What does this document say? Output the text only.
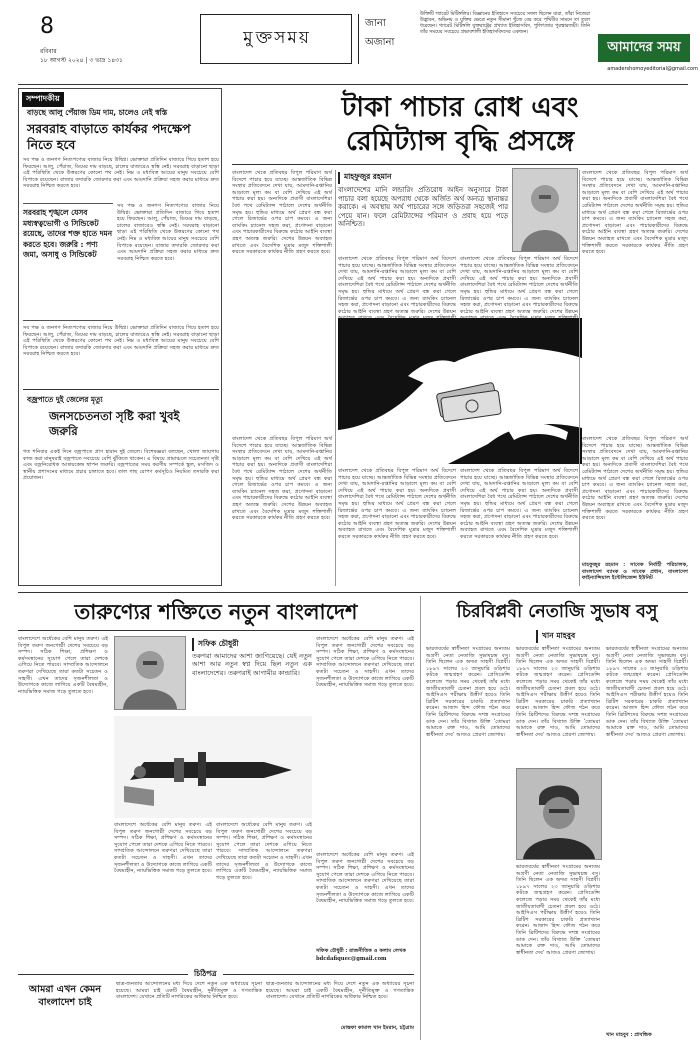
8
রবিবার
১৮ আগস্ট ২০২৪ | ৩ ভাদ্র ১৪৩১
মু ক্ত স ম য়
জানা
অজানা
উক্তিটি গ্যারেট মিটিঙ্গলির। বিজ্ঞানের ইতিহাসে সবচেয়ে সফল ছিলেন যারা, তাঁরা নিজেরা উদ্ভাবন, অভিনয় ও যুক্তির ক্ষেত্রে নতুন সীমানা খুঁজে বের করে পৃথিবীর সামনে তা তুলে ধরেছেন। গ্যারেট মিটিঙ্গলি যুক্তরাষ্ট্রের প্রখ্যাত ইতিহাসবিদ, পুলিৎজার পুরস্কারজয়ী। তিনি তাঁর সময়ের সবচেয়ে প্রভাবশালী ইতিহাসবিদদের একজন।
আমাদের সময়
amadershomoyeditorial@gmail.com
সম্পাদকীয়
বাড়ছে আলু পেঁয়াজ ডিম দাম, চালেও নেই স্বস্তি
সরবরাহ বাড়াতে কার্যকর পদক্ষেপ নিতে হবে
সব পক্ষ ও জনগণ নিত্যপণ্যের বাজার নিয়ে উদ্বিগ্ন। ভোক্তারা প্রতিদিন বাজারে গিয়ে হতাশ হয়ে ফিরছেন। আলু, পেঁয়াজ, ডিমের দাম বাড়ছে, চালের বাজারেও স্বস্তি নেই। সরবরাহ বাড়ানো ছাড়া এই পরিস্থিতি থেকে উত্তরণের কোনো পথ নেই। নিম্ন ও মধ্যবিত্ত আয়ের মানুষ সবচেয়ে বেশি বিপাকে রয়েছেন। বাজার তদারকি জোরদার করা এবং আমদানি প্রক্রিয়া সহজ করার মাধ্যমে দ্রুত সরবরাহ নিশ্চিত করতে হবে।
সরবরাহ শৃঙ্খলে যেসব মধ্যস্বত্বভোগী ও সিন্ডিকেট রয়েছে, তাদের শক্ত হাতে দমন করতে হবে। জরুরি : পণ্য জমা, অসাধু ও সিন্ডিকেট
সব পক্ষ ও জনগণ নিত্যপণ্যের বাজার নিয়ে উদ্বিগ্ন। ভোক্তারা প্রতিদিন বাজারে গিয়ে হতাশ হয়ে ফিরছেন। আলু, পেঁয়াজ, ডিমের দাম বাড়ছে, চালের বাজারেও স্বস্তি নেই। সরবরাহ বাড়ানো ছাড়া এই পরিস্থিতি থেকে উত্তরণের কোনো পথ নেই। নিম্ন ও মধ্যবিত্ত আয়ের মানুষ সবচেয়ে বেশি বিপাকে রয়েছেন। বাজার তদারকি জোরদার করা এবং আমদানি প্রক্রিয়া সহজ করার মাধ্যমে দ্রুত সরবরাহ নিশ্চিত করতে হবে।
সব পক্ষ ও জনগণ নিত্যপণ্যের বাজার নিয়ে উদ্বিগ্ন। ভোক্তারা প্রতিদিন বাজারে গিয়ে হতাশ হয়ে ফিরছেন। আলু, পেঁয়াজ, ডিমের দাম বাড়ছে, চালের বাজারেও স্বস্তি নেই। সরবরাহ বাড়ানো ছাড়া এই পরিস্থিতি থেকে উত্তরণের কোনো পথ নেই। নিম্ন ও মধ্যবিত্ত আয়ের মানুষ সবচেয়ে বেশি বিপাকে রয়েছেন। বাজার তদারকি জোরদার করা এবং আমদানি প্রক্রিয়া সহজ করার মাধ্যমে দ্রুত সরবরাহ নিশ্চিত করতে হবে।
বজ্রপাতে দুই জেলের মৃত্যু
জনসচেতনতা সৃষ্টি করা খুবই জরুরি
গত শনিবার একই দিনে বজ্রপাতে প্রাণ হারান দুই জেলে। বিশেষজ্ঞরা বলছেন, খোলা জায়গায় কাজ করা মানুষরাই বজ্রপাতে সবচেয়ে বেশি ঝুঁকিতে থাকেন। এ বিষয়ে গ্রামাঞ্চলে সচেতনতা সৃষ্টি এবং বজ্রনিরোধক আশ্রয়কেন্দ্র স্থাপন জরুরি। বজ্রপাতের সময় করণীয় সম্পর্কে স্কুল, মসজিদ ও স্থানীয় প্রশাসনের মাধ্যমে প্রচার চালাতে হবে। তাল গাছ রোপণ কর্মসূচিও নিয়মিত তদারকি করা প্রয়োজন।
টাকা পাচার রোধ এবং
রেমিট্যান্স বৃদ্ধি প্রসঙ্গে
বাংলাদেশ থেকে প্রতিবছর বিপুল পরিমাণ অর্থ বিদেশে পাচার হয়ে যাচ্ছে। আন্তর্জাতিক বিভিন্ন সংস্থার প্রতিবেদনে দেখা যায়, আমদানি-রপ্তানির আড়ালে মূল্য কম বা বেশি দেখিয়ে এই অর্থ পাচার করা হয়। অন্যদিকে প্রবাসী বাংলাদেশিরা বৈধ পথে রেমিট্যান্স পাঠালে দেশের অর্থনীতি সমৃদ্ধ হয়। হুন্ডির মাধ্যমে অর্থ প্রেরণ বন্ধ করা গেলে রিজার্ভের ওপর চাপ কমবে। এ জন্য ব্যাংকিং চ্যানেল সহজ করা, প্রণোদনা বাড়ানো এবং পাচারকারীদের বিরুদ্ধে কঠোর আইনি ব্যবস্থা গ্রহণ অত্যন্ত জরুরি। দেশের উন্নয়ন অব্যাহত রাখতে এবং বৈদেশিক মুদ্রার মজুদ শক্তিশালী করতে সরকারকে কার্যকর নীতি গ্রহণ করতে হবে।
মাহফুজুর রহমান
বাংলাদেশের মানি লন্ডারিং প্রতিরোধ আইন অনুসারে টাকা পাচার বলা হয়েছে অপরাধ থেকে অর্জিত অর্থ অন্যত্র স্থানান্তর করাকে। এ অবস্থায় অর্থ পাচারের সঙ্গে জড়িতরা সহজেই পার পেয়ে যান। ফলে রেমিট্যান্সের পরিমাণ ও প্রবাহ হয়ে পড়ে অনিশ্চিত।
বাংলাদেশ থেকে প্রতিবছর বিপুল পরিমাণ অর্থ বিদেশে পাচার হয়ে যাচ্ছে। আন্তর্জাতিক বিভিন্ন সংস্থার প্রতিবেদনে দেখা যায়, আমদানি-রপ্তানির আড়ালে মূল্য কম বা বেশি দেখিয়ে এই অর্থ পাচার করা হয়। অন্যদিকে প্রবাসী বাংলাদেশিরা বৈধ পথে রেমিট্যান্স পাঠালে দেশের অর্থনীতি সমৃদ্ধ হয়। হুন্ডির মাধ্যমে অর্থ প্রেরণ বন্ধ করা গেলে রিজার্ভের ওপর চাপ কমবে। এ জন্য ব্যাংকিং চ্যানেল সহজ করা, প্রণোদনা বাড়ানো এবং পাচারকারীদের বিরুদ্ধে কঠোর আইনি ব্যবস্থা গ্রহণ অত্যন্ত জরুরি। দেশের উন্নয়ন অব্যাহত রাখতে এবং বৈদেশিক মুদ্রার মজুদ শক্তিশালী করতে সরকারকে কার্যকর নীতি গ্রহণ করতে হবে।
বাংলাদেশ থেকে প্রতিবছর বিপুল পরিমাণ অর্থ বিদেশে পাচার হয়ে যাচ্ছে। আন্তর্জাতিক বিভিন্ন সংস্থার প্রতিবেদনে দেখা যায়, আমদানি-রপ্তানির আড়ালে মূল্য কম বা বেশি দেখিয়ে এই অর্থ পাচার করা হয়। অন্যদিকে প্রবাসী বাংলাদেশিরা বৈধ পথে রেমিট্যান্স পাঠালে দেশের অর্থনীতি সমৃদ্ধ হয়। হুন্ডির মাধ্যমে অর্থ প্রেরণ বন্ধ করা গেলে রিজার্ভের ওপর চাপ কমবে। এ জন্য ব্যাংকিং চ্যানেল সহজ করা, প্রণোদনা বাড়ানো এবং পাচারকারীদের বিরুদ্ধে কঠোর আইনি ব্যবস্থা গ্রহণ অত্যন্ত জরুরি। দেশের উন্নয়ন
বাংলাদেশ থেকে প্রতিবছর বিপুল পরিমাণ অর্থ বিদেশে পাচার হয়ে যাচ্ছে। আন্তর্জাতিক বিভিন্ন সংস্থার প্রতিবেদনে দেখা যায়, আমদানি-রপ্তানির আড়ালে মূল্য কম বা বেশি দেখিয়ে এই অর্থ পাচার করা হয়। অন্যদিকে প্রবাসী বাংলাদেশিরা বৈধ পথে রেমিট্যান্স পাঠালে দেশের অর্থনীতি সমৃদ্ধ হয়। হুন্ডির মাধ্যমে অর্থ প্রেরণ বন্ধ করা গেলে রিজার্ভের ওপর চাপ কমবে। এ জন্য ব্যাংকিং চ্যানেল সহজ করা, প্রণোদনা বাড়ানো এবং পাচারকারীদের বিরুদ্ধে কঠোর আইনি ব্যবস্থা গ্রহণ অত্যন্ত জরুরি। দেশের উন্নয়ন
বাংলাদেশ থেকে প্রতিবছর বিপুল পরিমাণ অর্থ বিদেশে পাচার হয়ে যাচ্ছে। আন্তর্জাতিক বিভিন্ন সংস্থার প্রতিবেদনে দেখা যায়, আমদানি-রপ্তানির আড়ালে মূল্য কম বা বেশি দেখিয়ে এই অর্থ পাচার করা হয়। অন্যদিকে প্রবাসী বাংলাদেশিরা বৈধ পথে রেমিট্যান্স পাঠালে দেশের অর্থনীতি সমৃদ্ধ হয়। হুন্ডির মাধ্যমে অর্থ প্রেরণ বন্ধ করা গেলে রিজার্ভের ওপর চাপ কমবে। এ জন্য ব্যাংকিং চ্যানেল সহজ করা, প্রণোদনা বাড়ানো এবং পাচারকারীদের বিরুদ্ধে কঠোর আইনি ব্যবস্থা গ্রহণ অত্যন্ত জরুরি। দেশের উন্নয়ন অব্যাহত রাখতে এবং বৈদেশিক মুদ্রার মজুদ শক্তিশালী করতে সরকারকে কার্যকর নীতি গ্রহণ করতে হবে।
বাংলাদেশ থেকে প্রতিবছর বিপুল পরিমাণ অর্থ বিদেশে পাচার হয়ে যাচ্ছে। আন্তর্জাতিক বিভিন্ন সংস্থার প্রতিবেদনে দেখা যায়, আমদানি-রপ্তানির আড়ালে মূল্য কম বা বেশি দেখিয়ে এই অর্থ পাচার করা হয়। অন্যদিকে প্রবাসী বাংলাদেশিরা বৈধ পথে রেমিট্যান্স পাঠালে দেশের অর্থনীতি সমৃদ্ধ হয়। হুন্ডির মাধ্যমে অর্থ প্রেরণ বন্ধ করা গেলে রিজার্ভের ওপর চাপ কমবে। এ জন্য ব্যাংকিং চ্যানেল সহজ করা, প্রণোদনা বাড়ানো এবং পাচারকারীদের বিরুদ্ধে কঠোর আইনি ব্যবস্থা গ্রহণ অত্যন্ত জরুরি। দেশের উন্নয়ন অব্যাহত রাখতে এবং বৈদেশিক মুদ্রার মজুদ শক্তিশালী করতে সরকারকে কার্যকর নীতি গ্রহণ করতে হবে।
বাংলাদেশ থেকে প্রতিবছর বিপুল পরিমাণ অর্থ বিদেশে পাচার হয়ে যাচ্ছে। আন্তর্জাতিক বিভিন্ন সংস্থার প্রতিবেদনে দেখা যায়, আমদানি-রপ্তানির আড়ালে মূল্য কম বা বেশি দেখিয়ে এই অর্থ পাচার করা হয়। অন্যদিকে প্রবাসী বাংলাদেশিরা বৈধ পথে রেমিট্যান্স পাঠালে দেশের অর্থনীতি সমৃদ্ধ হয়। হুন্ডির মাধ্যমে অর্থ প্রেরণ বন্ধ করা গেলে রিজার্ভের ওপর চাপ কমবে। এ জন্য ব্যাংকিং চ্যানেল সহজ করা, প্রণোদনা বাড়ানো এবং পাচারকারীদের বিরুদ্ধে কঠোর আইনি ব্যবস্থা গ্রহণ অত্যন্ত জরুরি। দেশের উন্নয়ন অব্যাহত রাখতে এবং বৈদেশিক মুদ্রার মজুদ শক্তিশালী করতে সরকারকে কার্যকর নীতি গ্রহণ করতে হবে।
বাংলাদেশ থেকে প্রতিবছর বিপুল পরিমাণ অর্থ বিদেশে পাচার হয়ে যাচ্ছে। আন্তর্জাতিক বিভিন্ন সংস্থার প্রতিবেদনে দেখা যায়, আমদানি-রপ্তানির আড়ালে মূল্য কম বা বেশি দেখিয়ে এই অর্থ পাচার করা হয়। অন্যদিকে প্রবাসী বাংলাদেশিরা বৈধ পথে রেমিট্যান্স পাঠালে দেশের অর্থনীতি সমৃদ্ধ হয়। হুন্ডির মাধ্যমে অর্থ প্রেরণ বন্ধ করা গেলে রিজার্ভের ওপর চাপ কমবে। এ জন্য ব্যাংকিং চ্যানেল সহজ করা, প্রণোদনা বাড়ানো এবং পাচারকারীদের বিরুদ্ধে কঠোর আইনি ব্যবস্থা গ্রহণ অত্যন্ত জরুরি। দেশের উন্নয়ন অব্যাহত রাখতে এবং বৈদেশিক মুদ্রার মজুদ শক্তিশালী করতে সরকারকে কার্যকর নীতি গ্রহণ করতে হবে।
মাহফুজুর রহমান : সাবেক নির্বাহী পরিচালক, বাংলাদেশ ব্যাংক ও সাবেক প্রধান, বাংলাদেশ ফাইন্যান্সিয়াল ইন্টেলিজেন্স ইউনিট
তারুণ্যের শক্তিতে নতুন বাংলাদেশ
বাংলাদেশে অর্ধেকের বেশি মানুষ তরুণ। এই বিপুল তরুণ জনগোষ্ঠী দেশের সবচেয়ে বড় সম্পদ। সঠিক শিক্ষা, প্রশিক্ষণ ও কর্মসংস্থানের সুযোগ পেলে তারা দেশকে এগিয়ে নিতে পারবে। সাম্প্রতিক আন্দোলনে তরুণরা দেখিয়েছে তারা কতটা সচেতন ও সাহসী। এখন তাদের সৃজনশীলতা ও উদ্যোগকে কাজে লাগিয়ে একটি বৈষম্যহীন, ন্যায়ভিত্তিক সমাজ গড়ে তুলতে হবে।
সফিক চৌধুরী
তরুণরা আমাদের আশা জাগিয়েছে। যেই নতুন আশা আর নতুন স্বপ্ন দিয়ে ছিল নতুন এক বাংলাদেশের। তরুণরাই আগামীর কান্ডারি।
বাংলাদেশে অর্ধেকের বেশি মানুষ তরুণ। এই বিপুল তরুণ জনগোষ্ঠী দেশের সবচেয়ে বড় সম্পদ। সঠিক শিক্ষা, প্রশিক্ষণ ও কর্মসংস্থানের সুযোগ পেলে তারা দেশকে এগিয়ে নিতে পারবে। সাম্প্রতিক আন্দোলনে তরুণরা দেখিয়েছে তারা কতটা সচেতন ও সাহসী। এখন তাদের সৃজনশীলতা ও উদ্যোগকে কাজে লাগিয়ে একটি বৈষম্যহীন, ন্যায়ভিত্তিক সমাজ গড়ে তুলতে হবে।
বাংলাদেশে অর্ধেকের বেশি মানুষ তরুণ। এই বিপুল তরুণ জনগোষ্ঠী দেশের সবচেয়ে বড় সম্পদ। সঠিক শিক্ষা, প্রশিক্ষণ ও কর্মসংস্থানের সুযোগ পেলে তারা দেশকে এগিয়ে নিতে পারবে। সাম্প্রতিক আন্দোলনে তরুণরা দেখিয়েছে তারা কতটা সচেতন ও সাহসী। এখন তাদের সৃজনশীলতা ও উদ্যোগকে কাজে লাগিয়ে একটি বৈষম্যহীন, ন্যায়ভিত্তিক সমাজ গড়ে তুলতে হবে।
বাংলাদেশে অর্ধেকের বেশি মানুষ তরুণ। এই বিপুল তরুণ জনগোষ্ঠী দেশের সবচেয়ে বড় সম্পদ। সঠিক শিক্ষা, প্রশিক্ষণ ও কর্মসংস্থানের সুযোগ পেলে তারা দেশকে এগিয়ে নিতে পারবে। সাম্প্রতিক আন্দোলনে তরুণরা দেখিয়েছে তারা কতটা সচেতন ও সাহসী। এখন তাদের সৃজনশীলতা ও উদ্যোগকে কাজে লাগিয়ে একটি বৈষম্যহীন, ন্যায়ভিত্তিক সমাজ গড়ে তুলতে হবে।
সফিক চৌধুরী : রাজনীতিক ও কলাম লেখক
bdcdafiquec@gmail.com
বাংলাদেশে অর্ধেকের বেশি মানুষ তরুণ। এই বিপুল তরুণ জনগোষ্ঠী দেশের সবচেয়ে বড় সম্পদ। সঠিক শিক্ষা, প্রশিক্ষণ ও কর্মসংস্থানের সুযোগ পেলে তারা দেশকে এগিয়ে নিতে পারবে। সাম্প্রতিক আন্দোলনে তরুণরা দেখিয়েছে তারা কতটা সচেতন ও সাহসী। এখন তাদের সৃজনশীলতা ও উদ্যোগকে কাজে লাগিয়ে একটি বৈষম্যহীন, ন্যায়ভিত্তিক সমাজ গড়ে তুলতে হবে।
চিঠিপত্র
আমরা এখন কেমন বাংলাদেশ চাই
ছাত্র-জনতার আন্দোলনের মধ্য দিয়ে দেশে নতুন এক অধ্যায়ের সূচনা হয়েছে। আমরা চাই একটি বৈষম্যহীন, দুর্নীতিমুক্ত ও গণতান্ত্রিক বাংলাদেশ। যেখানে প্রতিটি নাগরিকের অধিকার নিশ্চিত হবে।
ছাত্র-জনতার আন্দোলনের মধ্য দিয়ে দেশে নতুন এক অধ্যায়ের সূচনা হয়েছে। আমরা চাই একটি বৈষম্যহীন, দুর্নীতিমুক্ত ও গণতান্ত্রিক বাংলাদেশ। যেখানে প্রতিটি নাগরিকের অধিকার নিশ্চিত হবে।
মোস্তফা কামাল খান ইমরান, চট্টগ্রাম
চিরবিপ্লবী নেতাজি সুভাষ বসু
খান মাহবুব
ভারতবর্ষের স্বাধীনতা সংগ্রামের অন্যতম অগ্রণী নেতা নেতাজি সুভাষচন্দ্র বসু। তিনি ছিলেন এক অদম্য সাহসী বিপ্লবী। ১৮৯৭ সালের ২৩ জানুয়ারি ওড়িশার কটকে জন্মগ্রহণ করেন। প্রেসিডেন্সি কলেজে পড়ার সময় থেকেই তাঁর মধ্যে জাতীয়তাবাদী চেতনা প্রবল হয়ে ওঠে। আইসিএস পরীক্ষায় উত্তীর্ণ হয়েও তিনি ব্রিটিশ সরকারের চাকরি প্রত্যাখ্যান করেন। আজাদ হিন্দ ফৌজ গঠন করে তিনি ব্রিটিশদের বিরুদ্ধে সশস্ত্র সংগ্রামের ডাক দেন। তাঁর বিখ্যাত উক্তি ‘তোমরা আমাকে রক্ত দাও, আমি তোমাদের স্বাধীনতা দেব’ আজও প্রেরণা জোগায়।
ভারতবর্ষের স্বাধীনতা সংগ্রামের অন্যতম অগ্রণী নেতা নেতাজি সুভাষচন্দ্র বসু। তিনি ছিলেন এক অদম্য সাহসী বিপ্লবী। ১৮৯৭ সালের ২৩ জানুয়ারি ওড়িশার কটকে জন্মগ্রহণ করেন। প্রেসিডেন্সি কলেজে পড়ার সময় থেকেই তাঁর মধ্যে জাতীয়তাবাদী চেতনা প্রবল হয়ে ওঠে। আইসিএস পরীক্ষায় উত্তীর্ণ হয়েও তিনি ব্রিটিশ সরকারের চাকরি প্রত্যাখ্যান করেন। আজাদ হিন্দ ফৌজ গঠন করে তিনি ব্রিটিশদের বিরুদ্ধে সশস্ত্র সংগ্রামের ডাক দেন। তাঁর বিখ্যাত উক্তি ‘তোমরা আমাকে রক্ত দাও, আমি তোমাদের স্বাধীনতা দেব’ আজও প্রেরণা জোগায়।
ভারতবর্ষের স্বাধীনতা সংগ্রামের অন্যতম অগ্রণী নেতা নেতাজি সুভাষচন্দ্র বসু। তিনি ছিলেন এক অদম্য সাহসী বিপ্লবী। ১৮৯৭ সালের ২৩ জানুয়ারি ওড়িশার কটকে জন্মগ্রহণ করেন। প্রেসিডেন্সি কলেজে পড়ার সময় থেকেই তাঁর মধ্যে জাতীয়তাবাদী চেতনা প্রবল হয়ে ওঠে। আইসিএস পরীক্ষায় উত্তীর্ণ হয়েও তিনি ব্রিটিশ সরকারের চাকরি প্রত্যাখ্যান করেন। আজাদ হিন্দ ফৌজ গঠন করে তিনি ব্রিটিশদের বিরুদ্ধে সশস্ত্র সংগ্রামের ডাক দেন। তাঁর বিখ্যাত উক্তি ‘তোমরা আমাকে রক্ত দাও, আমি তোমাদের স্বাধীনতা দেব’ আজও প্রেরণা জোগায়।
ভারতবর্ষের স্বাধীনতা সংগ্রামের অন্যতম অগ্রণী নেতা নেতাজি সুভাষচন্দ্র বসু। তিনি ছিলেন এক অদম্য সাহসী বিপ্লবী। ১৮৯৭ সালের ২৩ জানুয়ারি ওড়িশার কটকে জন্মগ্রহণ করেন। প্রেসিডেন্সি কলেজে পড়ার সময় থেকেই তাঁর মধ্যে জাতীয়তাবাদী চেতনা প্রবল হয়ে ওঠে। আইসিএস পরীক্ষায় উত্তীর্ণ হয়েও তিনি ব্রিটিশ সরকারের চাকরি প্রত্যাখ্যান করেন। আজাদ হিন্দ ফৌজ গঠন করে তিনি ব্রিটিশদের বিরুদ্ধে সশস্ত্র সংগ্রামের ডাক দেন। তাঁর বিখ্যাত উক্তি ‘তোমরা আমাকে রক্ত দাও, আমি তোমাদের স্বাধীনতা দেব’ আজও প্রেরণা জোগায়।
খান মাহবুব : প্রাবন্ধিক
